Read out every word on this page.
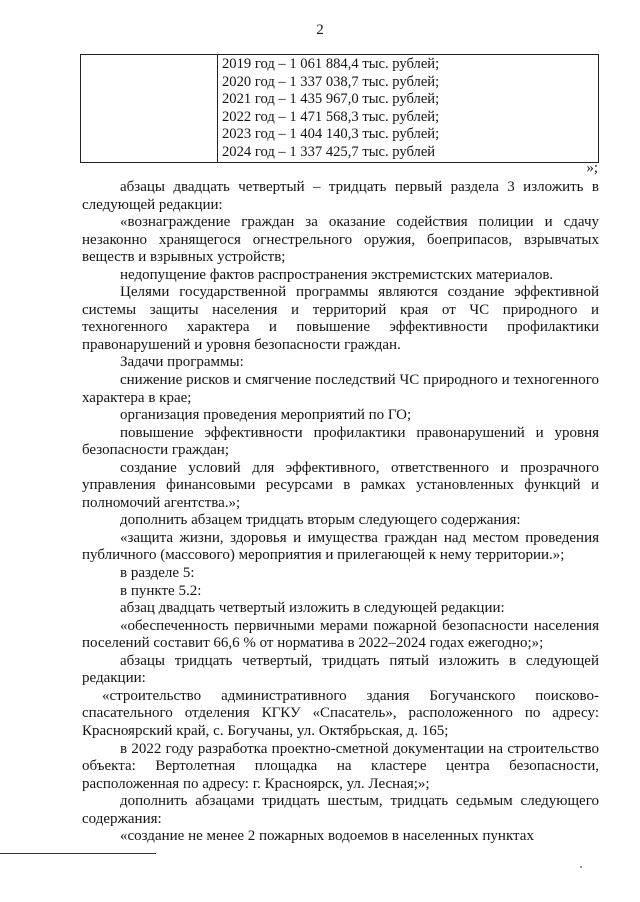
2

2019 год – 1 061 884,4 тыс. рублей;
2020 год – 1 337 038,7 тыс. рублей;
2021 год – 1 435 967,0 тыс. рублей;
2022 год – 1 471 568,3 тыс. рублей;
2023 год – 1 404 140,3 тыс. рублей;
2024 год – 1 337 425,7 тыс. рублей
»;

абзацы двадцать четвертый – тридцать первый раздела 3 изложить в следующей редакции:

«вознаграждение граждан за оказание содействия полиции и сдачу незаконно хранящегося огнестрельного оружия, боеприпасов, взрывчатых веществ и взрывных устройств;

недопущение фактов распространения экстремистских материалов.

Целями государственной программы являются создание эффективной системы защиты населения и территорий края от ЧС природного и техногенного характера и повышение эффективности профилактики правонарушений и уровня безопасности граждан.

Задачи программы:

снижение рисков и смягчение последствий ЧС природного и техногенного характера в крае;

организация проведения мероприятий по ГО;

повышение эффективности профилактики правонарушений и уровня безопасности граждан;

создание условий для эффективного, ответственного и прозрачного управления финансовыми ресурсами в рамках установленных функций и полномочий агентства.»;

дополнить абзацем тридцать вторым следующего содержания:

«защита жизни, здоровья и имущества граждан над местом проведения публичного (массового) мероприятия и прилегающей к нему территории.»;

в разделе 5:

в пункте 5.2:

абзац двадцать четвертый изложить в следующей редакции:

«обеспеченность первичными мерами пожарной безопасности населения поселений составит 66,6 % от норматива в 2022–2024 годах ежегодно;»;

абзацы тридцать четвертый, тридцать пятый изложить в следующей редакции:

«строительство административного здания Богучанского поисково-спасательного отделения КГКУ «Спасатель», расположенного по адресу: Красноярский край, с. Богучаны, ул. Октябрьская, д. 165;

в 2022 году разработка проектно-сметной документации на строительство объекта: Вертолетная площадка на кластере центра безопасности, расположенная по адресу: г. Красноярск, ул. Лесная;»;

дополнить абзацами тридцать шестым, тридцать седьмым следующего содержания:

«создание не менее 2 пожарных водоемов в населенных пунктах
